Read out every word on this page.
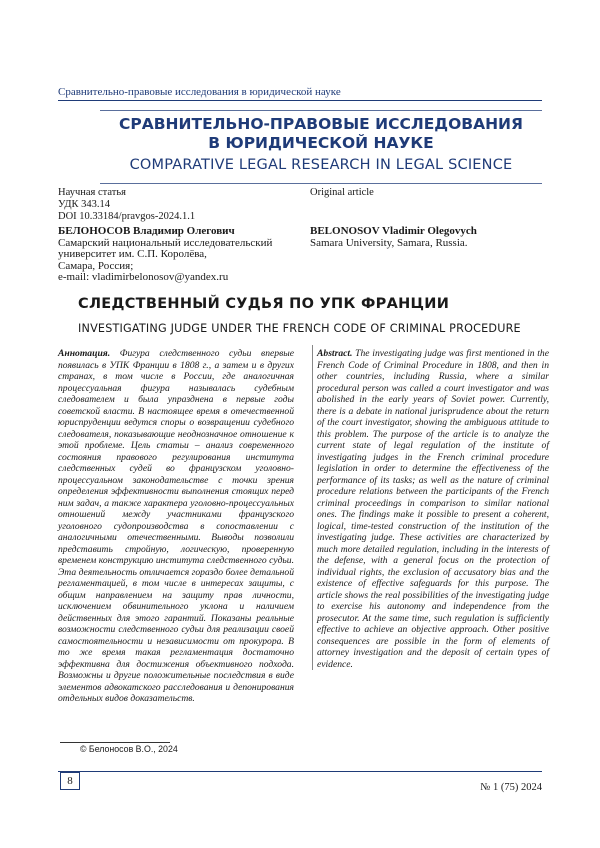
Сравнительно-правовые исследования в юридической науке
СРАВНИТЕЛЬНО-ПРАВОВЫЕ ИССЛЕДОВАНИЯ
В ЮРИДИЧЕСКОЙ НАУКЕ
COMPARATIVE LEGAL RESEARCH IN LEGAL SCIENCE
Научная статья
УДК 343.14
DOI 10.33184/pravgos-2024.1.1
Original article
БЕЛОНОСОВ Владимир Олегович
Самарский национальный исследовательский
университет им. С.П. Королёва,
Самара, Россия;
e-mail: vladimirbelonosov@yandex.ru
BELONOSOV Vladimir Olegovych
Samara University, Samara, Russia.
СЛЕДСТВЕННЫЙ СУДЬЯ ПО УПК ФРАНЦИИ
INVESTIGATING JUDGE UNDER THE FRENCH CODE OF CRIMINAL PROCEDURE
Аннотация. Фигура следственного судьи впервые появилась в УПК Франции в 1808 г., а затем и в других странах, в том числе в России, где аналогичная процессуальная фигура называлась судебным следователем и была упразднена в первые годы советской власти. В настоящее время в отечественной юриспруденции ведутся споры о возвращении судебного следователя, показывающие неоднозначное отношение к этой проблеме. Цель статьи – анализ современного состояния правового регулирования института следственных судей во французском уголовно-процессуальном законодательстве с точки зрения определения эффективности выполнения стоящих перед ним задач, а также характера уголовно-процессуальных отношений между участниками французского уголовного судопроизводства в сопоставлении с аналогичными отечественными. Выводы позволили представить стройную, логическую, проверенную временем конструкцию института следственного судьи. Эта деятельность отличается гораздо более детальной регламентацией, в том числе в интересах защиты, с общим направлением на защиту прав личности, исключением обвинительного уклона и наличием действенных для этого гарантий. Показаны реальные возможности следственного судьи для реализации своей самостоятельности и независимости от прокурора. В то же время такая регламентация достаточно эффективна для достижения объективного подхода. Возможны и другие положительные последствия в виде элементов адвокатского расследования и депонирования отдельных видов доказательств.
Abstract. The investigating judge was first mentioned in the French Code of Criminal Procedure in 1808, and then in other countries, including Russia, where a similar procedural person was called a court investigator and was abolished in the early years of Soviet power. Currently, there is a debate in national jurisprudence about the return of the court investigator, showing the ambiguous attitude to this problem. The purpose of the article is to analyze the current state of legal regulation of the institute of investigating judges in the French criminal procedure legislation in order to determine the effectiveness of the performance of its tasks; as well as the nature of criminal procedure relations between the participants of the French criminal proceedings in comparison to similar national ones. The findings make it possible to present a coherent, logical, time-tested construction of the institution of the investigating judge. These activities are characterized by much more detailed regulation, including in the interests of the defense, with a general focus on the protection of individual rights, the exclusion of accusatory bias and the existence of effective safeguards for this purpose. The article shows the real possibilities of the investigating judge to exercise his autonomy and independence from the prosecutor. At the same time, such regulation is sufficiently effective to achieve an objective approach. Other positive consequences are possible in the form of elements of attorney investigation and the deposit of certain types of evidence.
© Белоносов В.О., 2024
8
№ 1 (75) 2024
